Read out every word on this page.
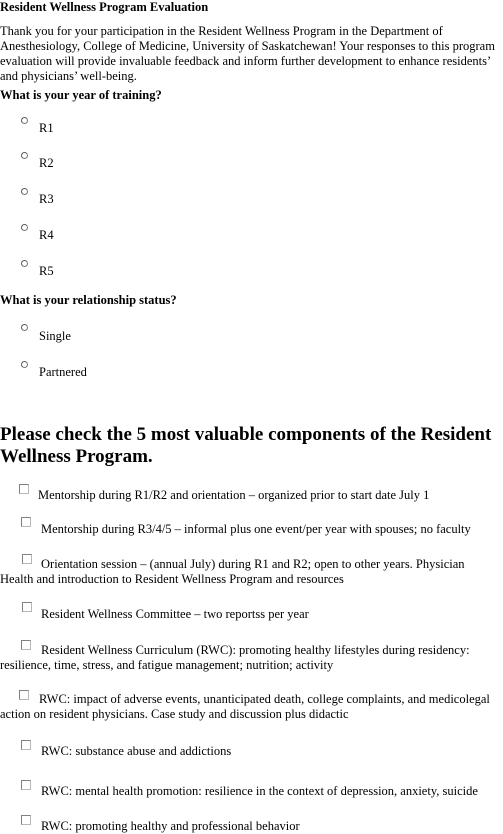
Resident Wellness Program Evaluation
Thank you for your participation in the Resident Wellness Program in the Department of Anesthesiology, College of Medicine, University of Saskatchewan! Your responses to this program evaluation will provide invaluable feedback and inform further development to enhance residents’ and physicians’ well-being.
What is your year of training?
R1
R2
R3
R4
R5
What is your relationship status?
Single
Partnered
Please check the 5 most valuable components of the Resident Wellness Program.
Mentorship during R1/R2 and orientation – organized prior to start date July 1
Mentorship during R3/4/5 – informal plus one event/per year with spouses; no faculty
Orientation session – (annual July) during R1 and R2; open to other years. Physician Health and introduction to Resident Wellness Program and resources
Resident Wellness Committee – two reportss per year
Resident Wellness Curriculum (RWC): promoting healthy lifestyles during residency: resilience, time, stress, and fatigue management; nutrition; activity
RWC: impact of adverse events, unanticipated death, college complaints, and medicolegal action on resident physicians. Case study and discussion plus didactic
RWC: substance abuse and addictions
RWC: mental health promotion: resilience in the context of depression, anxiety, suicide
RWC: promoting healthy and professional behavior
